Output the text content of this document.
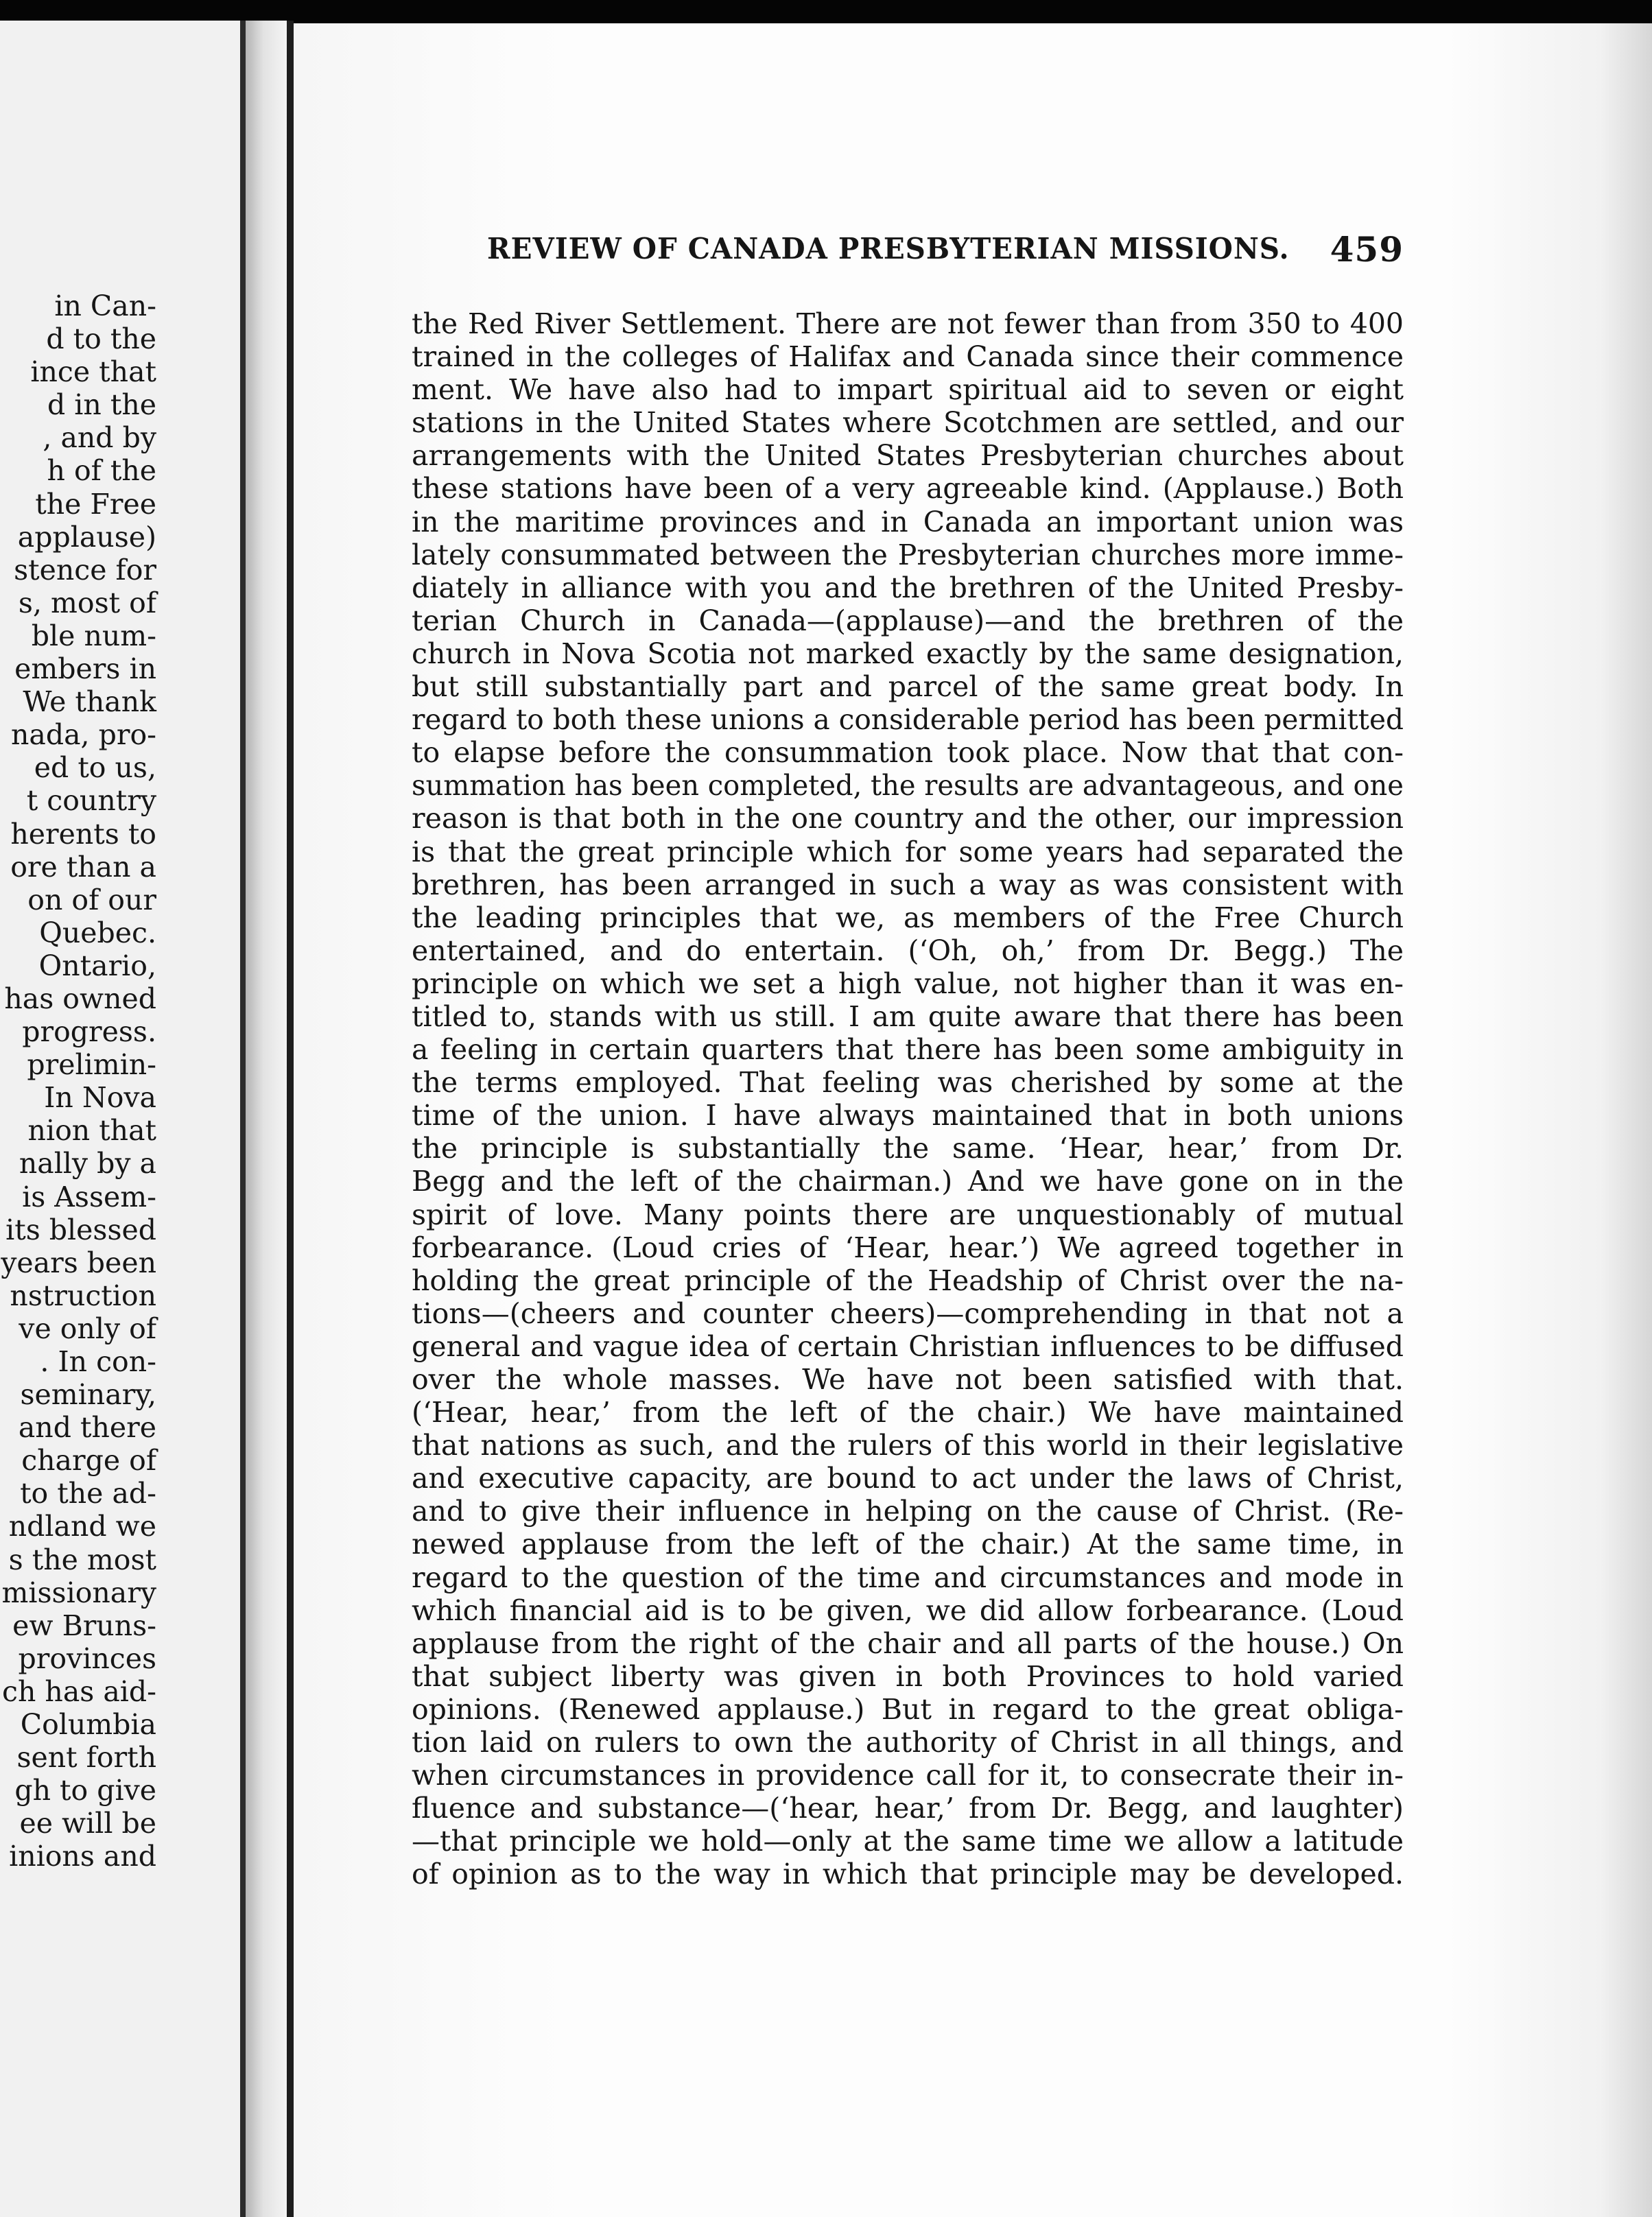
in Can-
d to the
ince that
d in the
, and by
h of the
the Free
applause)
stence for
s, most of
ble num-
embers in
We thank
nada, pro-
ed to us,
t country
herents to
ore than a
on of our
Quebec.
Ontario,
has owned
progress.
prelimin-
In Nova
nion that
nally by a
is Assem-
its blessed
years been
nstruction
ve only of
. In con-
seminary,
and there
charge of
to the ad-
ndland we
s the most
missionary
ew Bruns-
provinces
ch has aid-
Columbia
sent forth
gh to give
ee will be
inions and
REVIEW OF CANADA PRESBYTERIAN MISSIONS. 459
the Red River Settlement. There are not fewer than from 350 to 400
trained in the colleges of Halifax and Canada since their commence
ment. We have also had to impart spiritual aid to seven or eight
stations in the United States where Scotchmen are settled, and our
arrangements with the United States Presbyterian churches about
these stations have been of a very agreeable kind. (Applause.) Both
in the maritime provinces and in Canada an important union was
lately consummated between the Presbyterian churches more imme-
diately in alliance with you and the brethren of the United Presby-
terian Church in Canada—(applause)—and the brethren of the
church in Nova Scotia not marked exactly by the same designation,
but still substantially part and parcel of the same great body. In
regard to both these unions a considerable period has been permitted
to elapse before the consummation took place. Now that that con-
summation has been completed, the results are advantageous, and one
reason is that both in the one country and the other, our impression
is that the great principle which for some years had separated the
brethren, has been arranged in such a way as was consistent with
the leading principles that we, as members of the Free Church
entertained, and do entertain. (‘Oh, oh,’ from Dr. Begg.) The
principle on which we set a high value, not higher than it was en-
titled to, stands with us still. I am quite aware that there has been
a feeling in certain quarters that there has been some ambiguity in
the terms employed. That feeling was cherished by some at the
time of the union. I have always maintained that in both unions
the principle is substantially the same. ‘Hear, hear,’ from Dr.
Begg and the left of the chairman.) And we have gone on in the
spirit of love. Many points there are unquestionably of mutual
forbearance. (Loud cries of ‘Hear, hear.’) We agreed together in
holding the great principle of the Headship of Christ over the na-
tions—(cheers and counter cheers)—comprehending in that not a
general and vague idea of certain Christian influences to be diffused
over the whole masses. We have not been satisfied with that.
(‘Hear, hear,’ from the left of the chair.) We have maintained
that nations as such, and the rulers of this world in their legislative
and executive capacity, are bound to act under the laws of Christ,
and to give their influence in helping on the cause of Christ. (Re-
newed applause from the left of the chair.) At the same time, in
regard to the question of the time and circumstances and mode in
which financial aid is to be given, we did allow forbearance. (Loud
applause from the right of the chair and all parts of the house.) On
that subject liberty was given in both Provinces to hold varied
opinions. (Renewed applause.) But in regard to the great obliga-
tion laid on rulers to own the authority of Christ in all things, and
when circumstances in providence call for it, to consecrate their in-
fluence and substance—(‘hear, hear,’ from Dr. Begg, and laughter)
—that principle we hold—only at the same time we allow a latitude
of opinion as to the way in which that principle may be developed.
